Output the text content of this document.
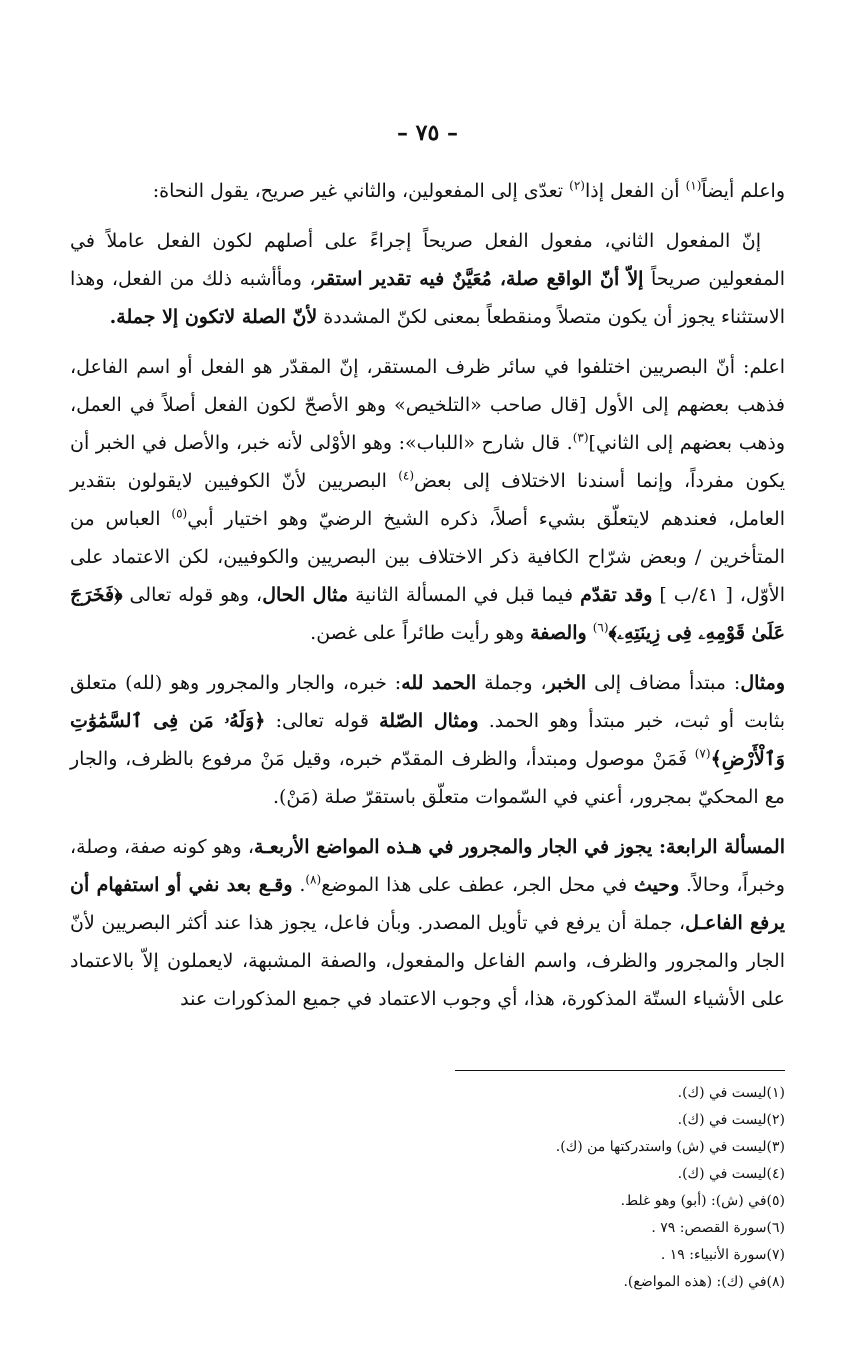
– ٧٥ –

واعلم أيضاً$^{(١)}$ أن الفعل إذا$^{(٢)}$ تعدّى إلى المفعولين، والثاني غير صريح، يقول النحاة:

إنّ المفعول الثاني، مفعول الفعل صريحاً إجراءً على أصلهم لكون الفعل عاملاً في المفعولين صريحاً إلاّ أنّ الواقع صلة، مُعَيَّنٌ فيه تقدير استقر، ومأأشبه ذلك من الفعل، وهذا الاستثناء يجوز أن يكون متصلاً ومنقطعاً بمعنى لكنّ المشددة لأنّ الصلة لاتكون إلا جملة.

اعلم: أنّ البصريين اختلفوا في سائر ظرف المستقر، إنّ المقدّر هو الفعل أو اسم الفاعل، فذهب بعضهم إلى الأول [قال صاحب «التلخيص» وهو الأصحّ لكون الفعل أصلاً في العمل، وذهب بعضهم إلى الثاني]$^{(٣)}$. قال شارح «اللباب»: وهو الأوْلى لأنه خبر، والأصل في الخبر أن يكون مفرداً، وإنما أسندنا الاختلاف إلى بعض$^{(٤)}$ البصريين لأنّ الكوفيين لايقولون بتقدير العامل، فعندهم لايتعلّق بشيء أصلاً، ذكره الشيخ الرضيّ وهو اختيار أبي$^{(٥)}$ العباس من المتأخرين / وبعض شرّاح الكافية ذكر الاختلاف بين البصريين والكوفيين، لكن الاعتماد على الأوّل، [ ٤١/ب ] وقد تقدّم فيما قبل في المسألة الثانية مثال الحال، وهو قوله تعالى ﴿فَخَرَجَ عَلَىٰ قَوْمِهِۦ فِى زِينَتِهِۦ﴾$^{(٦)}$ والصفة وهو رأيت طائراً على غصن.

ومثال: مبتدأ مضاف إلى الخبر، وجملة الحمد لله: خبره، والجار والمجرور وهو (لله) متعلق بثابت أو ثبت، خبر مبتدأ وهو الحمد. ومثال الصّلة قوله تعالى: ﴿وَلَهُۥ مَن فِى ٱلسَّمَٰوَٰتِ وَٱلْأَرْضِ﴾$^{(٧)}$ فَمَنْ موصول ومبتدأ، والظرف المقدّم خبره، وقيل مَنْ مرفوع بالظرف، والجار مع المحكيّ بمجرور، أعني في السّموات متعلّق باستقرّ صلة (مَنْ).

المسألة الرابعة: يجوز في الجار والمجرور في هـذه المواضع الأربعـة، وهو كونه صفة، وصلة، وخبراً، وحالاً. وحيث في محل الجر، عطف على هذا الموضع$^{(٨)}$. وقـع بعد نفي أو استفهام أن يرفع الفاعـل، جملة أن يرفع في تأويل المصدر. وبأن فاعل، يجوز هذا عند أكثر البصريين لأنّ الجار والمجرور والظرف، واسم الفاعل والمفعول، والصفة المشبهة، لايعملون إلاّ بالاعتماد على الأشياء الستّة المذكورة، هذا، أي وجوب الاعتماد في جميع المذكورات عند

(١)ليست في (ك).
(٢)ليست في (ك).
(٣)ليست في (ش) واستدركتها من (ك).
(٤)ليست في (ك).
(٥)في (ش): (أبو) وهو غلط.
(٦)سورة القصص: ٧٩ .
(٧)سورة الأنبياء: ١٩ .
(٨)في (ك): (هذه المواضع).
